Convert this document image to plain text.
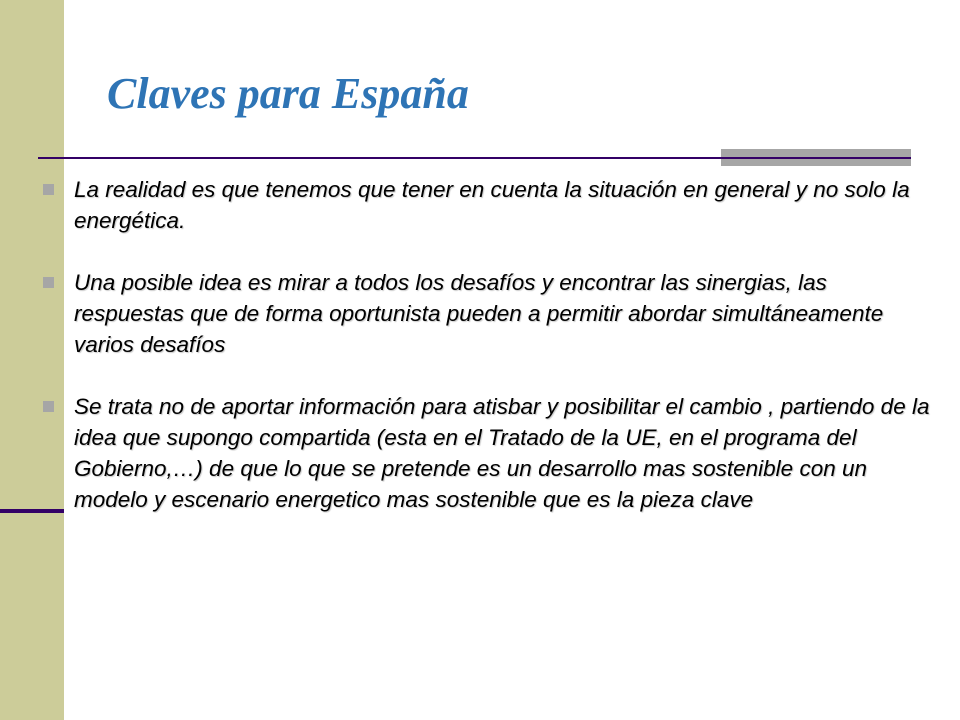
Claves para España
La realidad es que tenemos que tener en cuenta la situación en general y no solo la energética.
Una posible idea es mirar a todos los desafíos y encontrar las sinergias, las respuestas que de forma oportunista pueden a permitir abordar simultáneamente varios desafíos
Se trata no de aportar información para atisbar y posibilitar el cambio , partiendo de la idea que supongo compartida (esta en el Tratado de la UE, en el programa del Gobierno,…) de que lo que se pretende es un desarrollo mas sostenible con un modelo y escenario energetico mas sostenible que es la pieza clave
